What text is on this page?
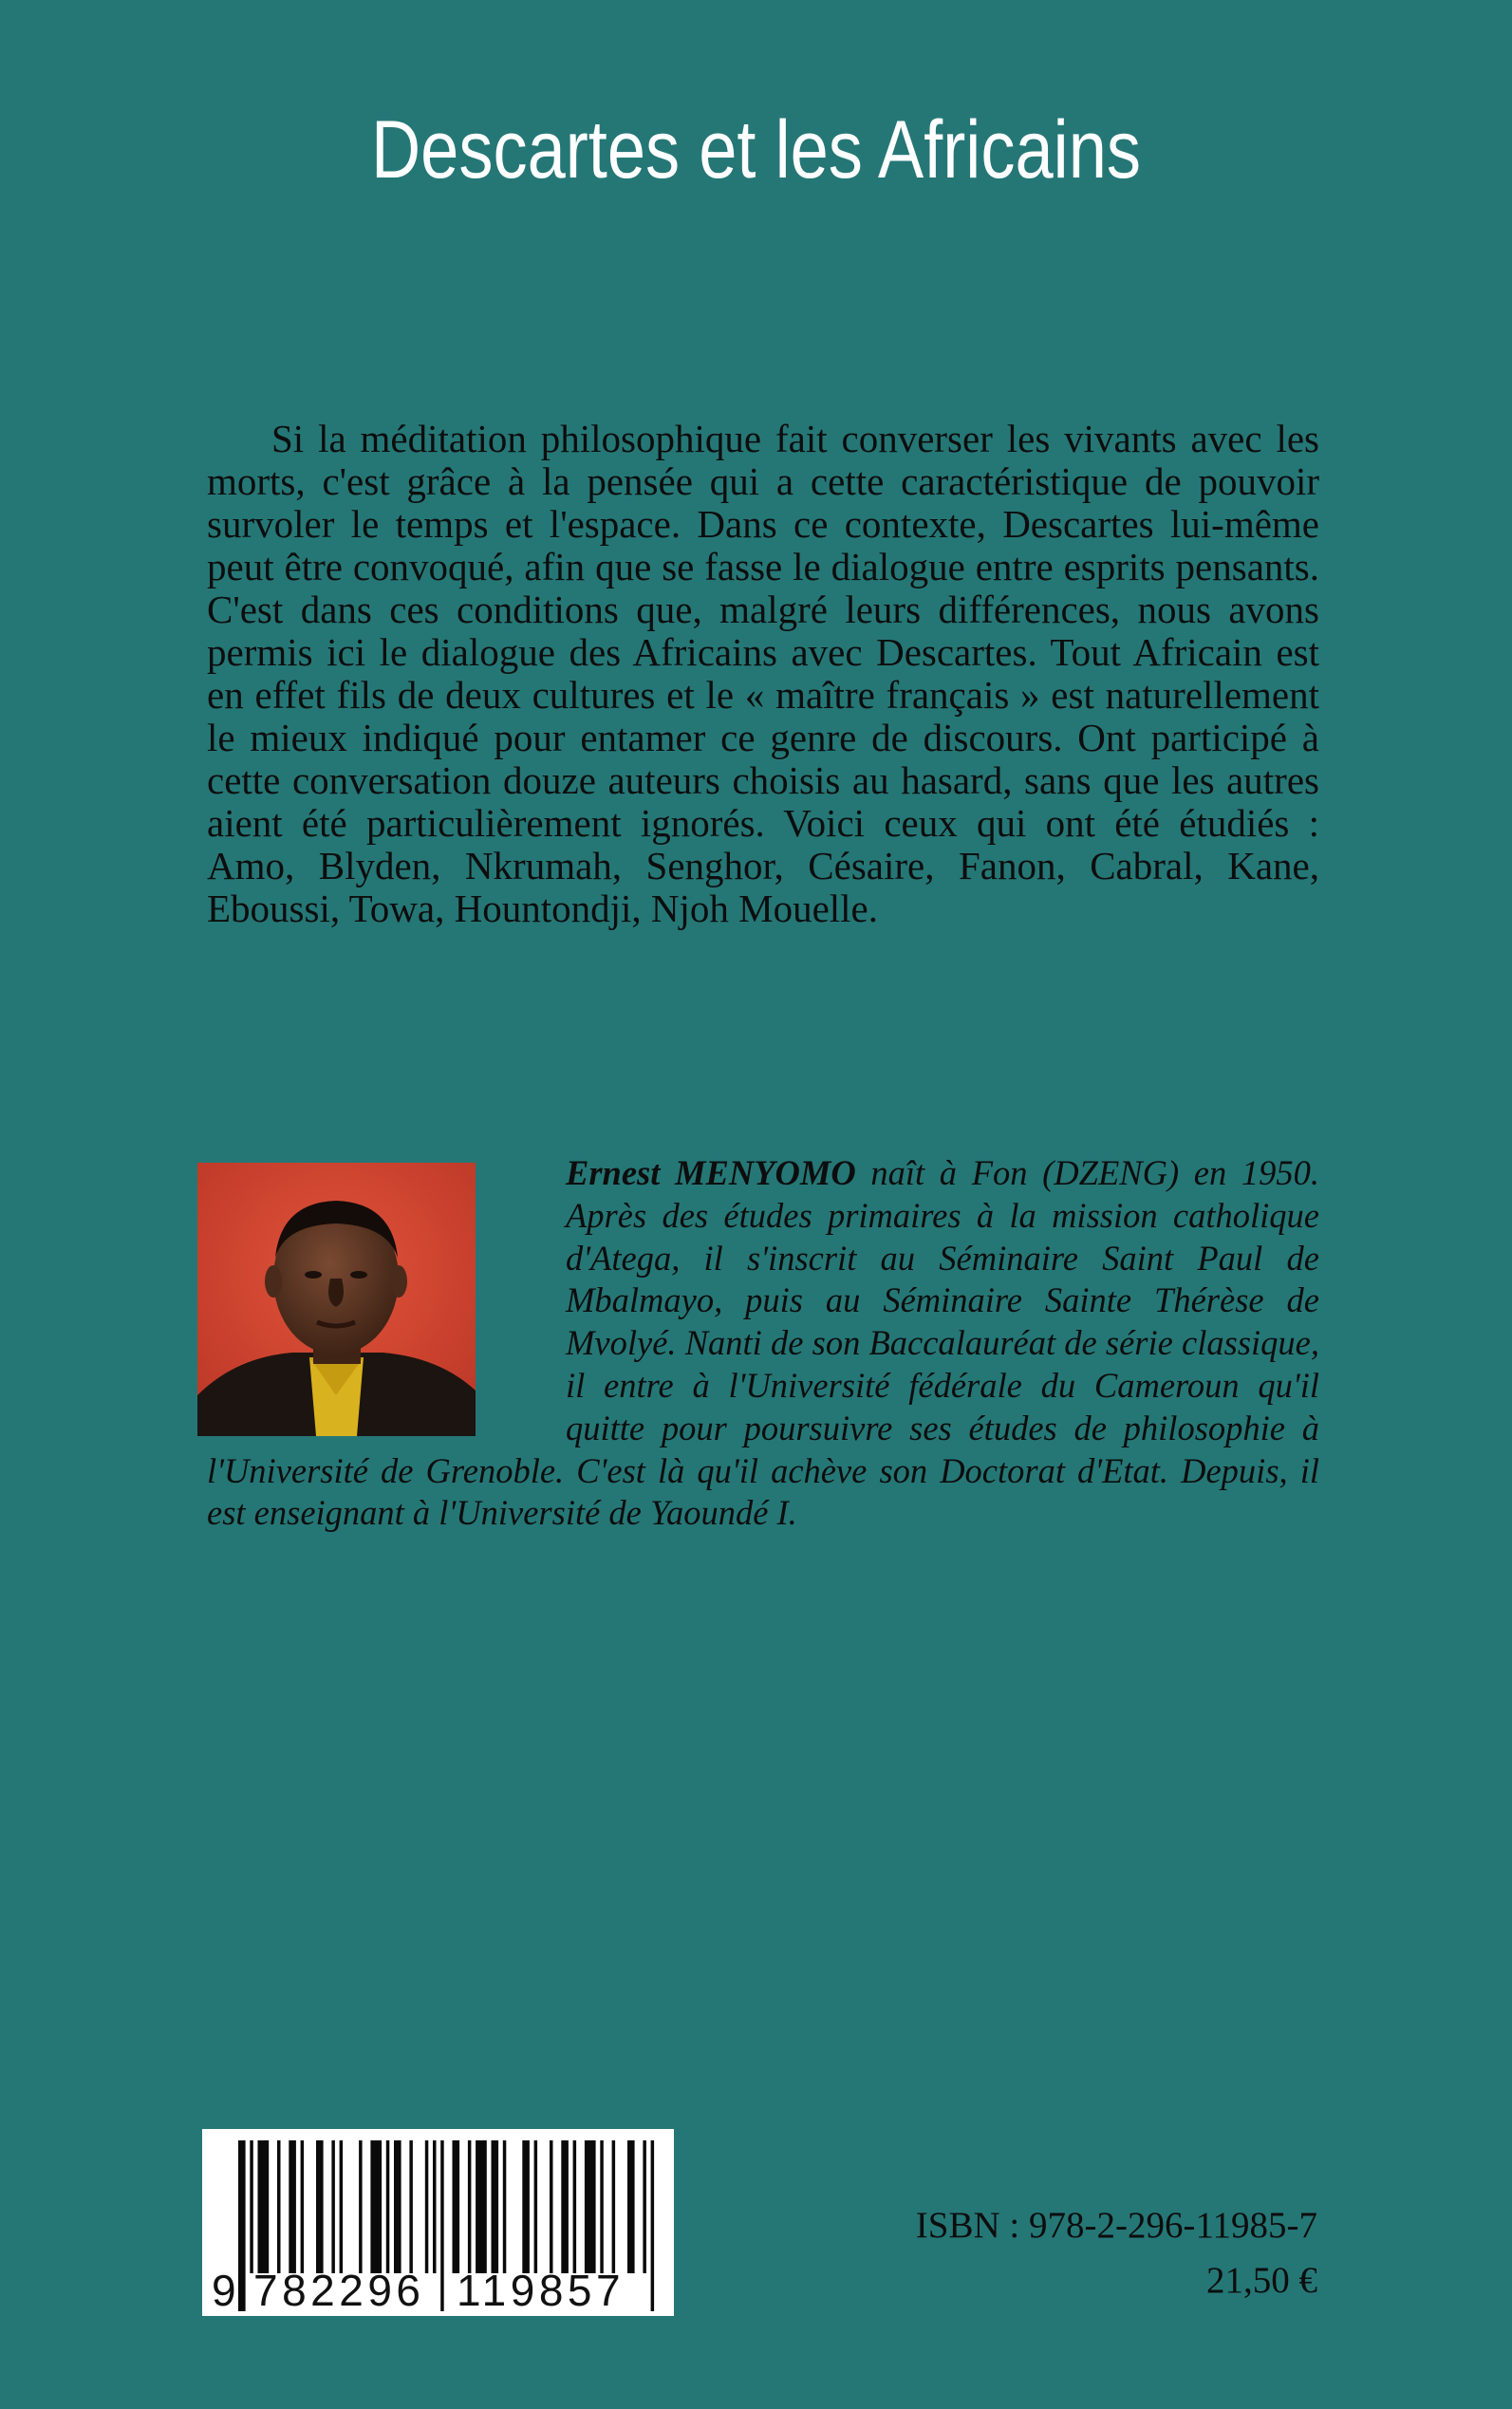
Descartes et les Africains

Si la méditation philosophique fait converser les vivants avec les morts, c'est grâce à la pensée qui a cette caractéristique de pouvoir survoler le temps et l'espace. Dans ce contexte, Descartes lui-même peut être convoqué, afin que se fasse le dialogue entre esprits pensants. C'est dans ces conditions que, malgré leurs différences, nous avons permis ici le dialogue des Africains avec Descartes. Tout Africain est en effet fils de deux cultures et le « maître français » est naturellement le mieux indiqué pour entamer ce genre de discours. Ont participé à cette conversation douze auteurs choisis au hasard, sans que les autres aient été particulièrement ignorés. Voici ceux qui ont été étudiés : Amo, Blyden, Nkrumah, Senghor, Césaire, Fanon, Cabral, Kane, Eboussi, Towa, Hountondji, Njoh Mouelle.

Ernest MENYOMO naît à Fon (DZENG) en 1950. Après des études primaires à la mission catholique d'Atega, il s'inscrit au Séminaire Saint Paul de Mbalmayo, puis au Séminaire Sainte Thérèse de Mvolyé. Nanti de son Baccalauréat de série classique, il entre à l'Université fédérale du Cameroun qu'il quitte pour poursuivre ses études de philosophie à l'Université de Grenoble. C'est là qu'il achève son Doctorat d'Etat. Depuis, il est enseignant à l'Université de Yaoundé I.

9 782296 119857
ISBN : 978-2-296-11985-7
21,50 €
